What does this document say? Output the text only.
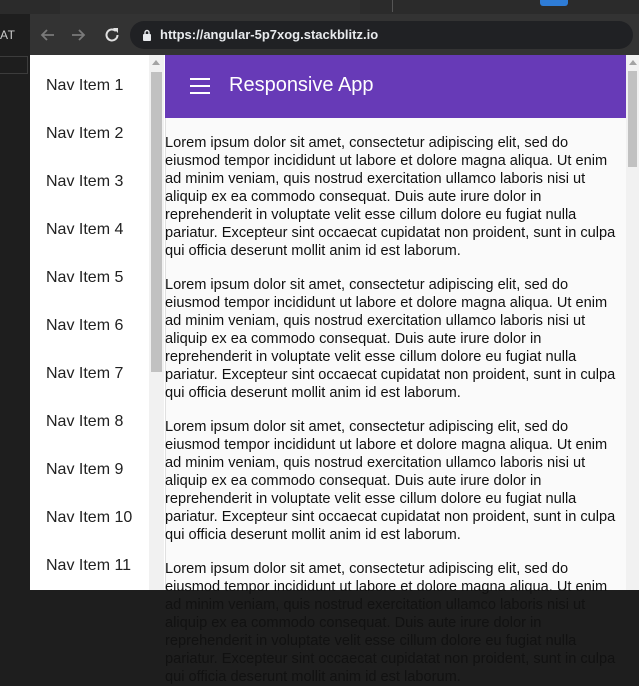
AT	https://angular-5p7xog.stackblitz.io
Nav Item 1
Nav Item 2
Nav Item 3
Nav Item 4
Nav Item 5
Nav Item 6
Nav Item 7
Nav Item 8
Nav Item 9
Nav Item 10
Nav Item 11
Responsive App

Lorem ipsum dolor sit amet, consectetur adipiscing elit, sed do eiusmod tempor incididunt ut labore et dolore magna aliqua. Ut enim ad minim veniam, quis nostrud exercitation ullamco laboris nisi ut aliquip ex ea commodo consequat. Duis aute irure dolor in reprehenderit in voluptate velit esse cillum dolore eu fugiat nulla pariatur. Excepteur sint occaecat cupidatat non proident, sunt in culpa qui officia deserunt mollit anim id est laborum.

Lorem ipsum dolor sit amet, consectetur adipiscing elit, sed do eiusmod tempor incididunt ut labore et dolore magna aliqua. Ut enim ad minim veniam, quis nostrud exercitation ullamco laboris nisi ut aliquip ex ea commodo consequat. Duis aute irure dolor in reprehenderit in voluptate velit esse cillum dolore eu fugiat nulla pariatur. Excepteur sint occaecat cupidatat non proident, sunt in culpa qui officia deserunt mollit anim id est laborum.

Lorem ipsum dolor sit amet, consectetur adipiscing elit, sed do eiusmod tempor incididunt ut labore et dolore magna aliqua. Ut enim ad minim veniam, quis nostrud exercitation ullamco laboris nisi ut aliquip ex ea commodo consequat. Duis aute irure dolor in reprehenderit in voluptate velit esse cillum dolore eu fugiat nulla pariatur. Excepteur sint occaecat cupidatat non proident, sunt in culpa qui officia deserunt mollit anim id est laborum.

Lorem ipsum dolor sit amet, consectetur adipiscing elit, sed do eiusmod tempor incididunt ut labore et dolore magna aliqua. Ut enim ad minim veniam, quis nostrud exercitation ullamco laboris nisi ut aliquip ex ea commodo consequat. Duis aute irure dolor in reprehenderit in voluptate velit esse cillum dolore eu fugiat nulla pariatur. Excepteur sint occaecat cupidatat non proident, sunt in culpa qui officia deserunt mollit anim id est laborum.
